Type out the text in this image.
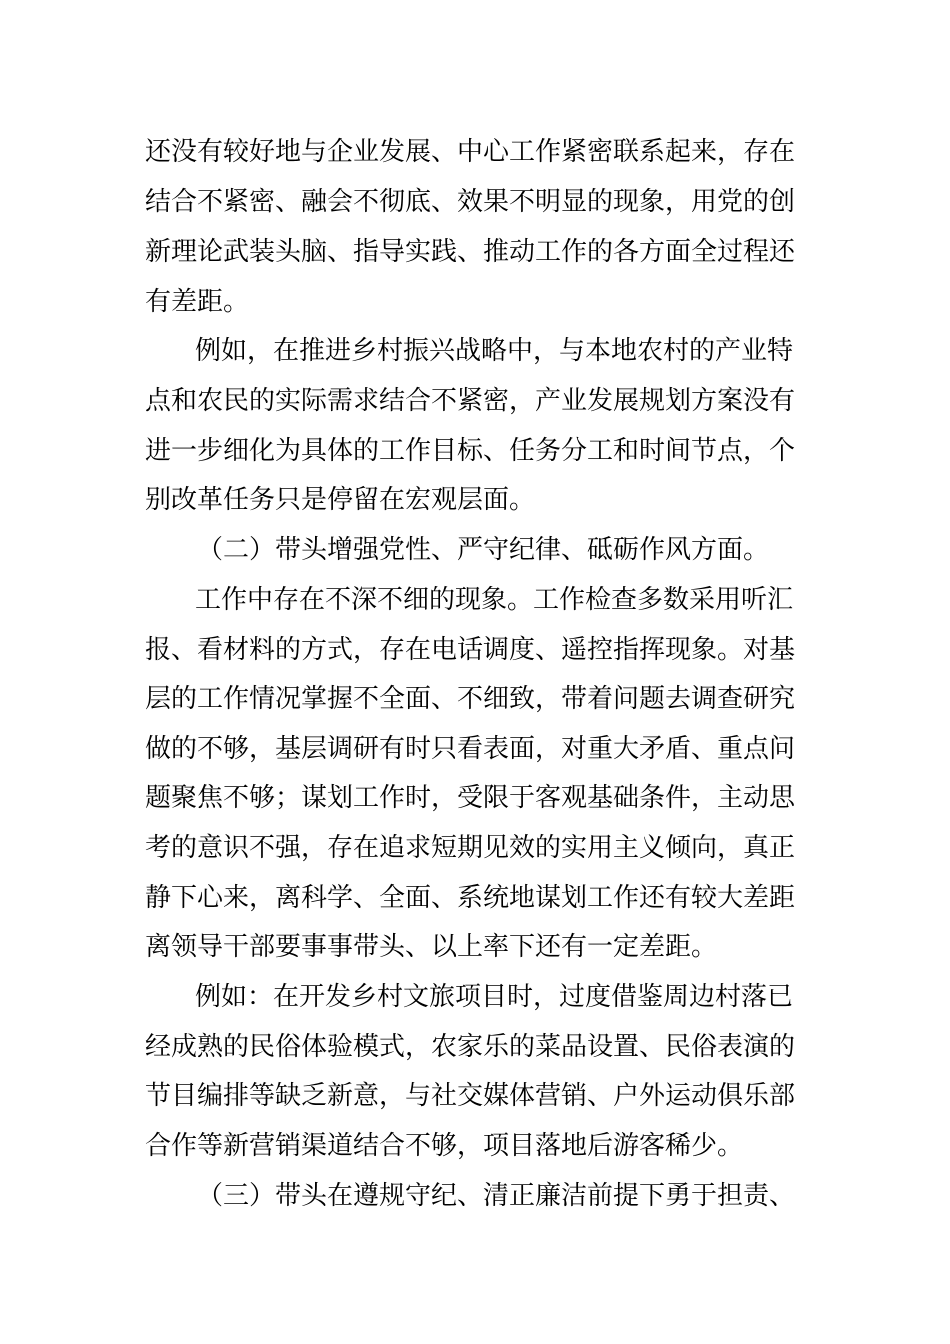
还没有较好地与企业发展、中心工作紧密联系起来，存在
结合不紧密、融会不彻底、效果不明显的现象，用党的创
新理论武装头脑、指导实践、推动工作的各方面全过程还
有差距。
例如，在推进乡村振兴战略中，与本地农村的产业特
点和农民的实际需求结合不紧密，产业发展规划方案没有
进一步细化为具体的工作目标、任务分工和时间节点，个
别改革任务只是停留在宏观层面。
（二）带头增强党性、严守纪律、砥砺作风方面。
工作中存在不深不细的现象。工作检查多数采用听汇
报、看材料的方式，存在电话调度、遥控指挥现象。对基
层的工作情况掌握不全面、不细致，带着问题去调查研究
做的不够，基层调研有时只看表面，对重大矛盾、重点问
题聚焦不够；谋划工作时，受限于客观基础条件，主动思
考的意识不强，存在追求短期见效的实用主义倾向，真正
静下心来，离科学、全面、系统地谋划工作还有较大差距
离领导干部要事事带头、以上率下还有一定差距。
例如：在开发乡村文旅项目时，过度借鉴周边村落已
经成熟的民俗体验模式，农家乐的菜品设置、民俗表演的
节目编排等缺乏新意，与社交媒体营销、户外运动俱乐部
合作等新营销渠道结合不够，项目落地后游客稀少。
（三）带头在遵规守纪、清正廉洁前提下勇于担责、
